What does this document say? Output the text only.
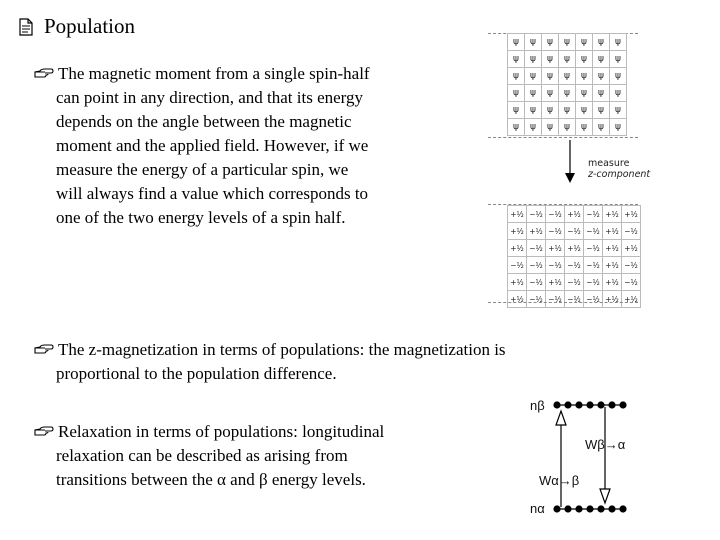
Population
The magnetic moment from a single spin-half
can point in any direction, and that its energy
depends on the angle between the magnetic
moment and the applied field. However, if we
measure the energy of a particular spin, we
will always find a value which corresponds to
one of the two energy levels of a spin half.
The z-magnetization in terms of populations: the magnetization is
proportional to the population difference.
Relaxation in terms of populations: longitudinal
relaxation can be described as arising from
transitions between the α and β energy levels.
ψ	ψ	ψ	ψ	ψ	ψ	ψ
ψ	ψ	ψ	ψ	ψ	ψ	ψ
ψ	ψ	ψ	ψ	ψ	ψ	ψ
ψ	ψ	ψ	ψ	ψ	ψ	ψ
ψ	ψ	ψ	ψ	ψ	ψ	ψ
ψ	ψ	ψ	ψ	ψ	ψ	ψ
measure
z-component
+½	−½	−½	+½	−½	+½	+½
+½	+½	−½	−½	−½	+½	−½
+½	−½	+½	+½	−½	+½	+½
−½	−½	−½	−½	−½	+½	−½
+½	−½	+½	−½	−½	+½	−½
+½	−½	−½	−½	−½	+½	+½
nβ
Wβ→α
Wα→β
nα
